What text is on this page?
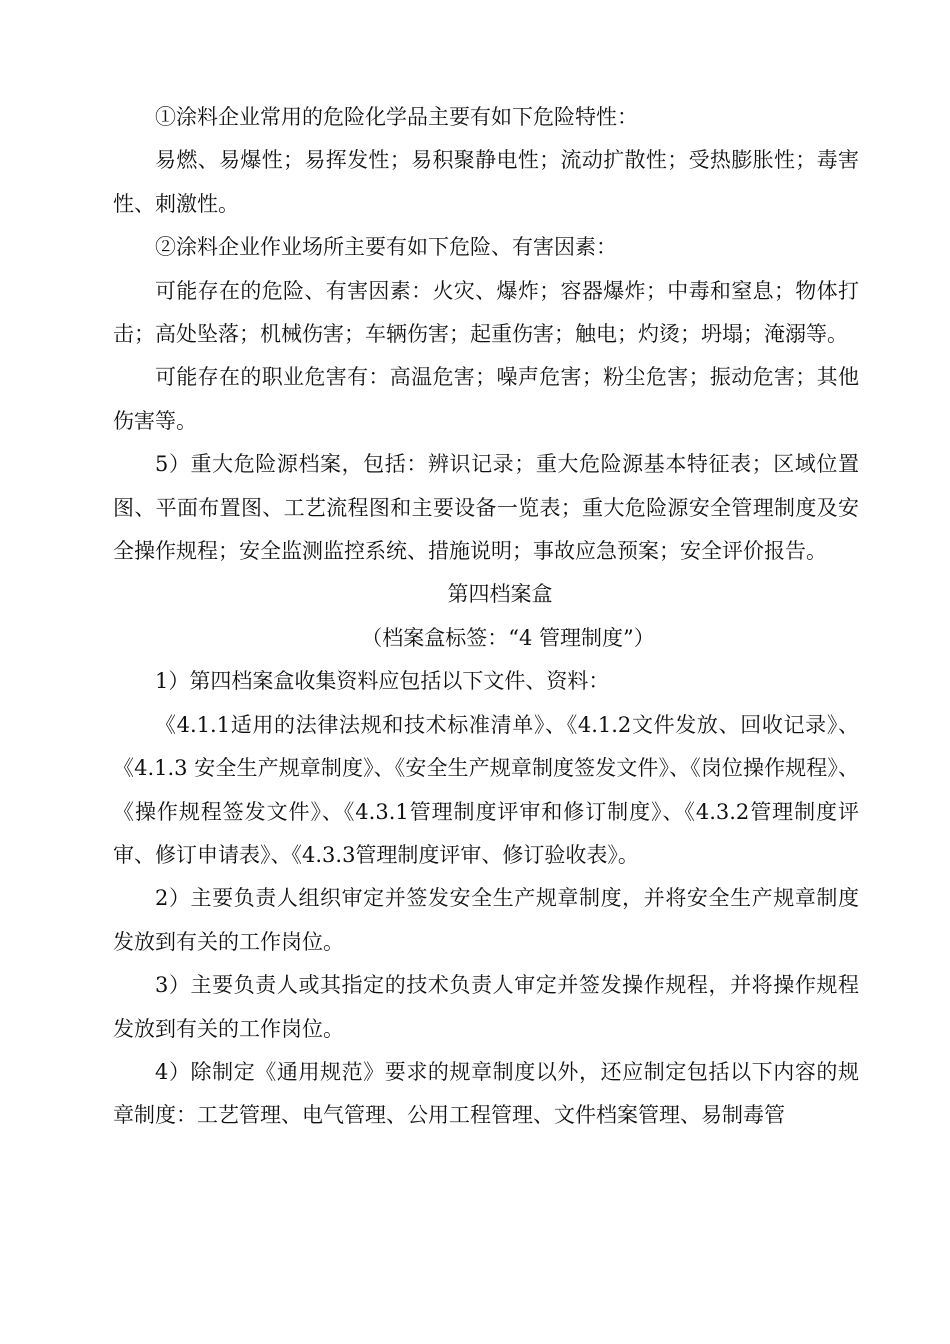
①涂料企业常用的危险化学品主要有如下危险特性：

易燃、易爆性；易挥发性；易积聚静电性；流动扩散性；受热膨胀性；毒害性、刺激性。

②涂料企业作业场所主要有如下危险、有害因素：

可能存在的危险、有害因素：火灾、爆炸；容器爆炸；中毒和窒息；物体打击；高处坠落；机械伤害；车辆伤害；起重伤害；触电；灼烫；坍塌；淹溺等。

可能存在的职业危害有：高温危害；噪声危害；粉尘危害；振动危害；其他伤害等。

5）重大危险源档案，包括：辨识记录；重大危险源基本特征表；区域位置图、平面布置图、工艺流程图和主要设备一览表；重大危险源安全管理制度及安全操作规程；安全监测监控系统、措施说明；事故应急预案；安全评价报告。

第四档案盒

（档案盒标签：“4 管理制度”）

1）第四档案盒收集资料应包括以下文件、资料：

《4.1.1适用的法律法规和技术标准清单》、《4.1.2文件发放、回收记录》、《4.1.3 安全生产规章制度》、《安全生产规章制度签发文件》、《岗位操作规程》、《操作规程签发文件》、《4.3.1管理制度评审和修订制度》、《4.3.2管理制度评审、修订申请表》、《4.3.3管理制度评审、修订验收表》。

2）主要负责人组织审定并签发安全生产规章制度，并将安全生产规章制度发放到有关的工作岗位。

3）主要负责人或其指定的技术负责人审定并签发操作规程，并将操作规程发放到有关的工作岗位。

4）除制定《通用规范》要求的规章制度以外，还应制定包括以下内容的规章制度：工艺管理、电气管理、公用工程管理、文件档案管理、易制毒管
